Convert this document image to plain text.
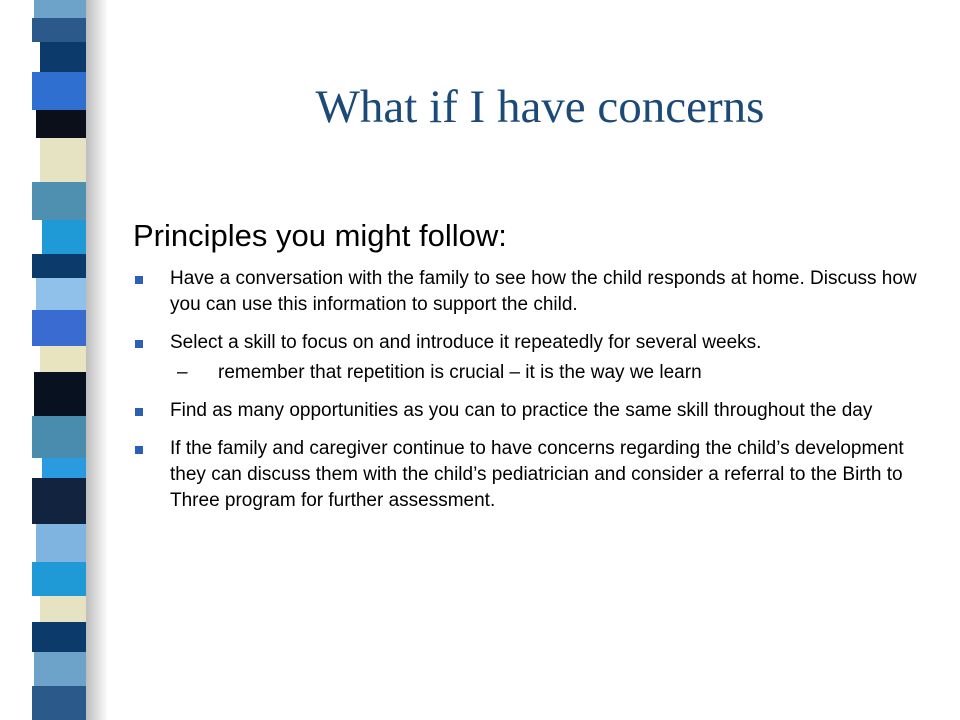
What if I have concerns
Principles you might follow:
Have a conversation with the family to see how the child responds at home. Discuss how you can use this information to support the child.
Select a skill to focus on and introduce it repeatedly for several weeks.
– remember that repetition is crucial – it is the way we learn
Find as many opportunities as you can to practice the same skill throughout the day
If the family and caregiver continue to have concerns regarding the child’s development they can discuss them with the child’s pediatrician and consider a referral to the Birth to Three program for further assessment.
